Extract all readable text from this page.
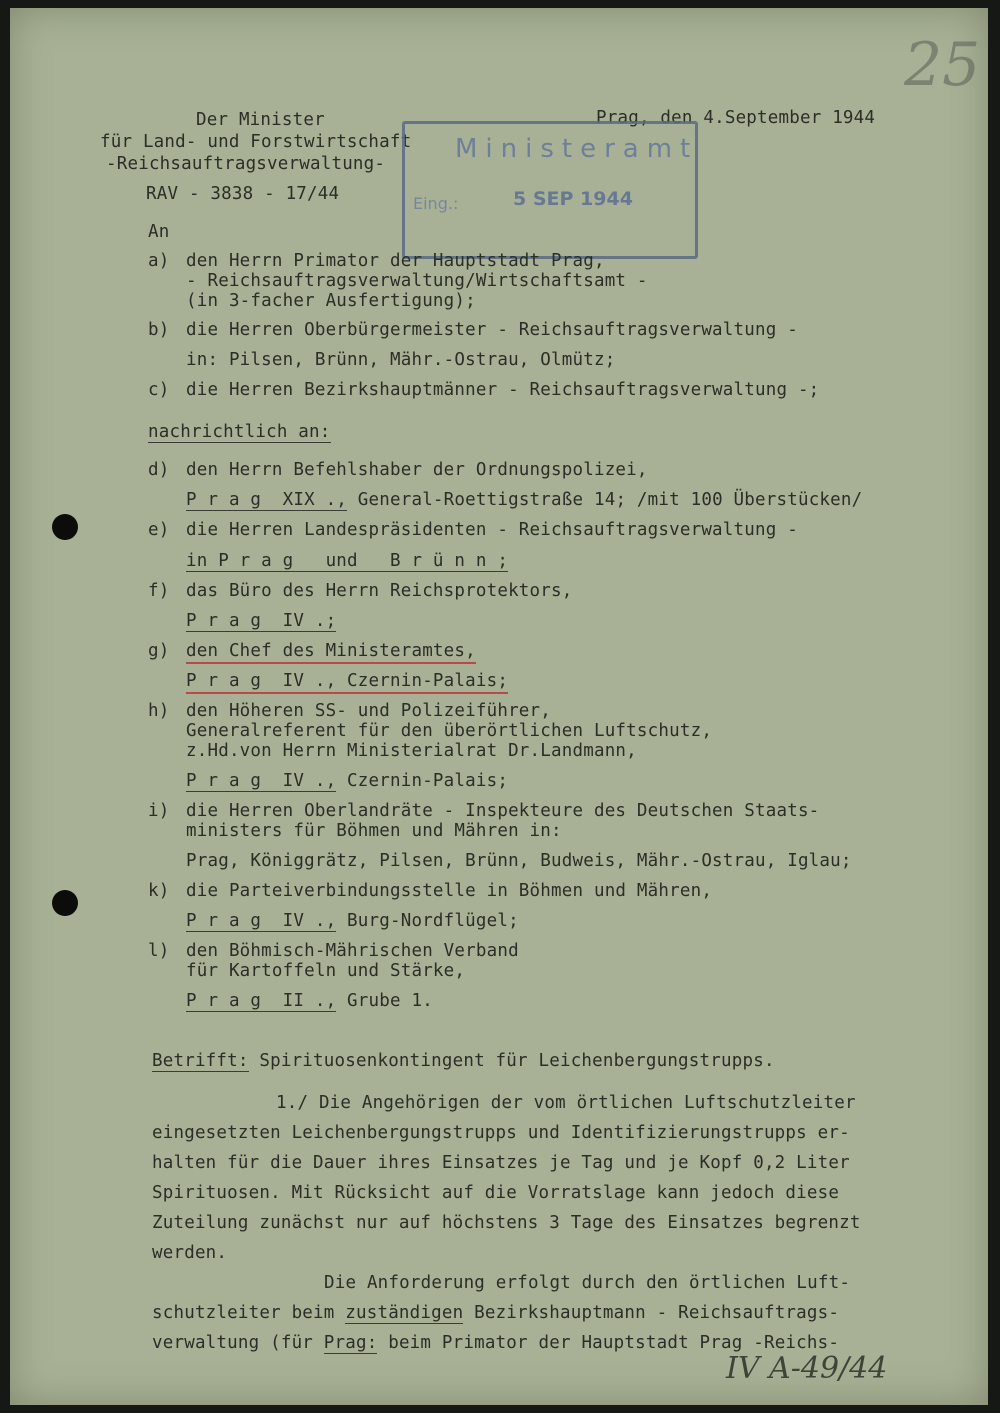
25
Der Minister
für Land- und Forstwirtschaft
-Reichsauftragsverwaltung-
RAV - 3838 - 17/44
Prag, den 4.September 1944
Ministeramt
Eing.:	5 SEP 1944
An
a) den Herrn Primator der Hauptstadt Prag,
- Reichsauftragsverwaltung/Wirtschaftsamt -
(in 3-facher Ausfertigung);
b) die Herren Oberbürgermeister - Reichsauftragsverwaltung -
in: Pilsen, Brünn, Mähr.-Ostrau, Olmütz;
c) die Herren Bezirkshauptmänner - Reichsauftragsverwaltung -;
nachrichtlich an:
d) den Herrn Befehlshaber der Ordnungspolizei,
P r a g  XIX ., General-Roettigstraße 14; /mit 100 Überstücken/
e) die Herren Landespräsidenten - Reichsauftragsverwaltung -
in P r a g   und   B r ü n n ;
f) das Büro des Herrn Reichsprotektors,
P r a g  IV .;
g) den Chef des Ministeramtes,
P r a g  IV ., Czernin-Palais;
h) den Höheren SS- und Polizeiführer,
Generalreferent für den überörtlichen Luftschutz,
z.Hd.von Herrn Ministerialrat Dr.Landmann,
P r a g  IV ., Czernin-Palais;
i) die Herren Oberlandräte - Inspekteure des Deutschen Staats-
ministers für Böhmen und Mähren in:
Prag, Königgrätz, Pilsen, Brünn, Budweis, Mähr.-Ostrau, Iglau;
k) die Parteiverbindungsstelle in Böhmen und Mähren,
P r a g  IV ., Burg-Nordflügel;
l) den Böhmisch-Mährischen Verband
für Kartoffeln und Stärke,
P r a g  II ., Grube 1.
Betrifft: Spirituosenkontingent für Leichenbergungstrupps.
1./ Die Angehörigen der vom örtlichen Luftschutzleiter
eingesetzten Leichenbergungstrupps und Identifizierungstrupps er-
halten für die Dauer ihres Einsatzes je Tag und je Kopf 0,2 Liter
Spirituosen. Mit Rücksicht auf die Vorratslage kann jedoch diese
Zuteilung zunächst nur auf höchstens 3 Tage des Einsatzes begrenzt
werden.
Die Anforderung erfolgt durch den örtlichen Luft-
schutzleiter beim zuständigen Bezirkshauptmann - Reichsauftrags-
verwaltung (für Prag: beim Primator der Hauptstadt Prag -Reichs-
IV A-49/44
